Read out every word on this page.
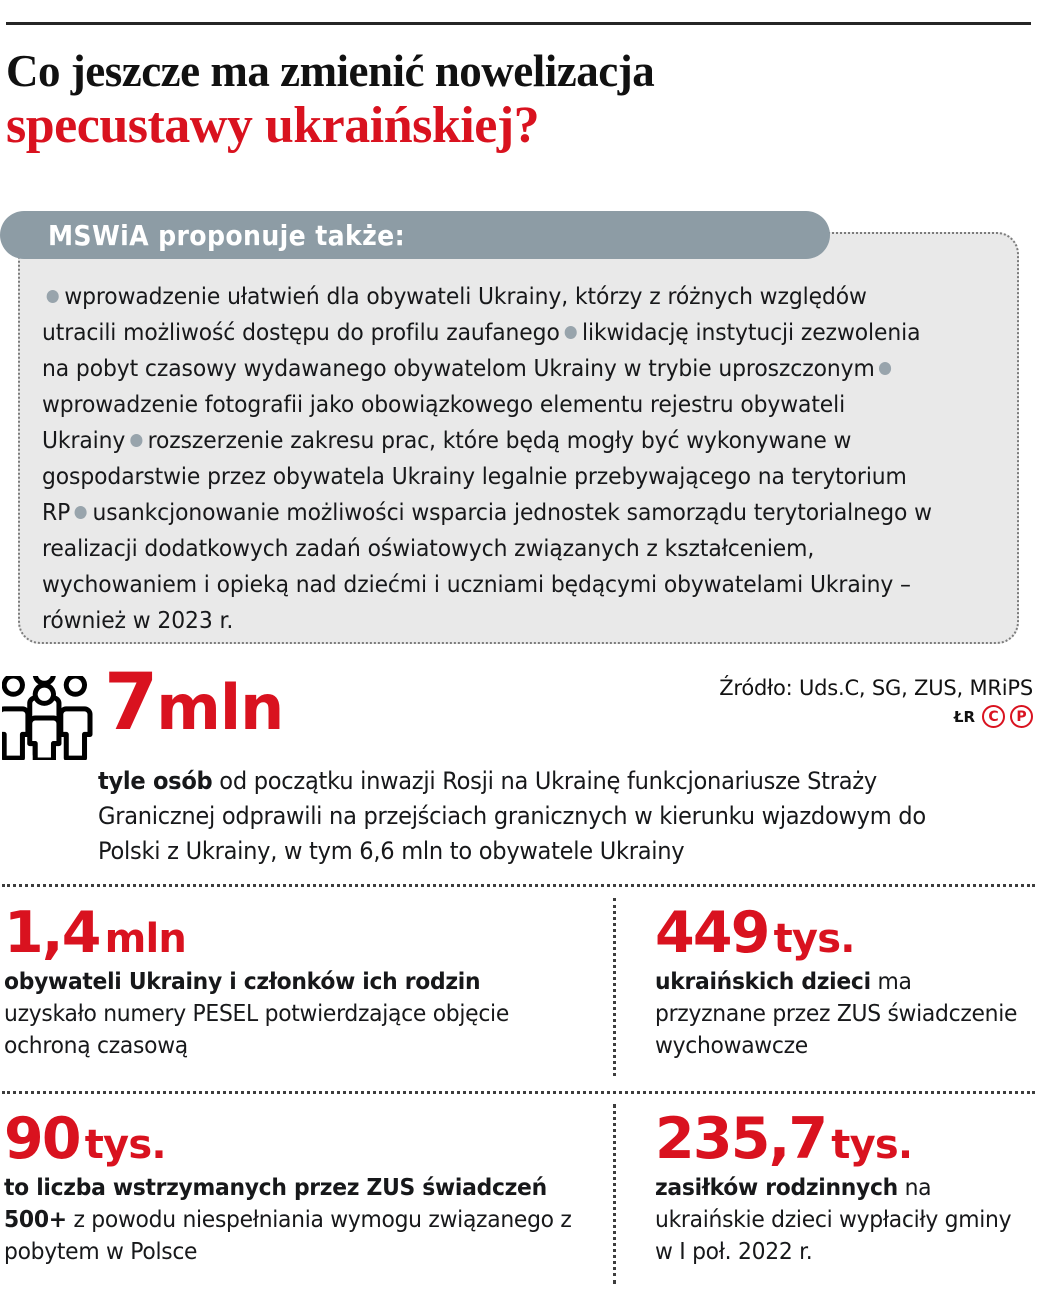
Co jeszcze ma zmienić nowelizacja
specustawy ukraińskiej?
MSWiA proponuje także:
wprowadzenie ułatwień dla obywateli Ukrainy, którzy z różnych względów utracili możliwość dostępu do profilu zaufanego likwidację instytucji zezwolenia na pobyt czasowy wydawanego obywatelom Ukrainy w trybie uproszczonymwprowadzenie fotografii jako obowiązkowego elementu rejestru obywateli Ukrainy rozszerzenie zakresu prac, które będą mogły być wykonywane w gospodarstwie przez obywatela Ukrainy legalnie przebywającego na terytorium RP usankcjonowanie możliwości wsparcia jednostek samorządu terytorialnego w realizacji dodatkowych zadań oświatowych związanych z kształceniem, wychowaniem i opieką nad dziećmi i uczniami będącymi obywatelami Ukrainy – również w 2023 r.
Źródło: Uds.C, SG, ZUS, MRiPS
ŁR C	P
7mln
tyle osób od początku inwazji Rosji na Ukrainę funkcjonariusze Straży Granicznej odprawili na przejściach granicznych w kierunku wjazdowym do Polski z Ukrainy, w tym 6,6 mln to obywatele Ukrainy
1,4 mln
obywateli Ukrainy i członków ich rodzin uzyskało numery PESEL potwierdzające objęcie ochroną czasową
449 tys.
ukraińskich dzieci ma przyznane przez ZUS świadczenie wychowawcze
90 tys.
to liczba wstrzymanych przez ZUS świadczeń 500+ z powodu niespełniania wymogu związanego z pobytem w Polsce
235,7 tys.
zasiłków rodzinnych na ukraińskie dzieci wypłaciły gminy w I poł. 2022 r.
